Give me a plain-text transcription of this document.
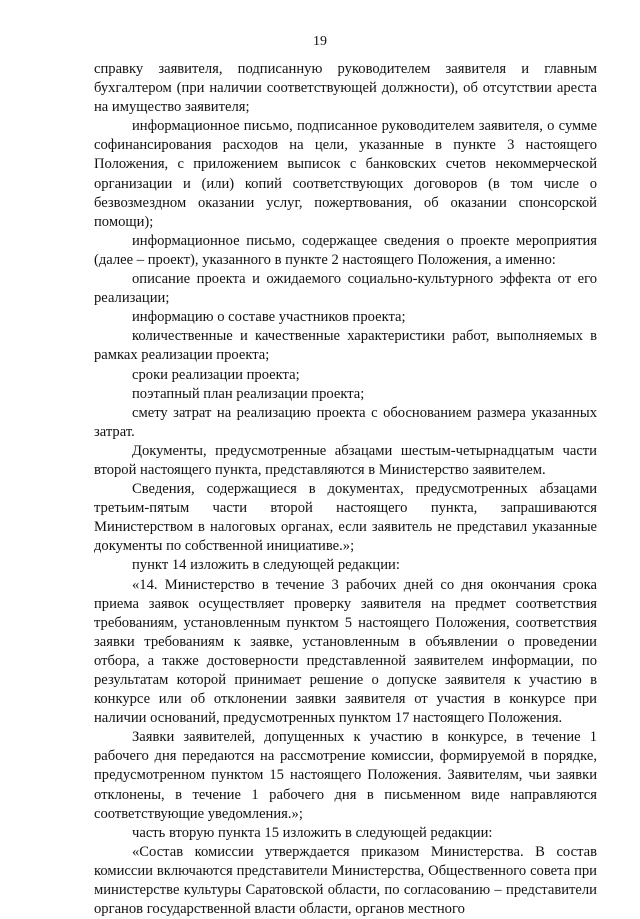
19

справку заявителя, подписанную руководителем заявителя и главным бухгалтером (при наличии соответствующей должности), об отсутствии ареста на имущество заявителя;

информационное письмо, подписанное руководителем заявителя, о сумме софинансирования расходов на цели, указанные в пункте 3 настоящего Положения, с приложением выписок с банковских счетов некоммерческой организации и (или) копий соответствующих договоров (в том числе о безвозмездном оказании услуг, пожертвования, об оказании спонсорской помощи);

информационное письмо, содержащее сведения о проекте мероприятия (далее – проект), указанного в пункте 2 настоящего Положения, а именно:

описание проекта и ожидаемого социально-культурного эффекта от его реализации;

информацию о составе участников проекта;

количественные и качественные характеристики работ, выполняемых в рамках реализации проекта;

сроки реализации проекта;

поэтапный план реализации проекта;

смету затрат на реализацию проекта с обоснованием размера указанных затрат.

Документы, предусмотренные абзацами шестым-четырнадцатым части второй настоящего пункта, представляются в Министерство заявителем.

Сведения, содержащиеся в документах, предусмотренных абзацами третьим-пятым части второй настоящего пункта, запрашиваются Министерством в налоговых органах, если заявитель не представил указанные документы по собственной инициативе.»;

пункт 14 изложить в следующей редакции:

«14. Министерство в течение 3 рабочих дней со дня окончания срока приема заявок осуществляет проверку заявителя на предмет соответствия требованиям, установленным пунктом 5 настоящего Положения, соответствия заявки требованиям к заявке, установленным в объявлении о проведении отбора, а также достоверности представленной заявителем информации, по результатам которой принимает решение о допуске заявителя к участию в конкурсе или об отклонении заявки заявителя от участия в конкурсе при наличии оснований, предусмотренных пунктом 17 настоящего Положения.

Заявки заявителей, допущенных к участию в конкурсе, в течение 1 рабочего дня передаются на рассмотрение комиссии, формируемой в порядке, предусмотренном пунктом 15 настоящего Положения. Заявителям, чьи заявки отклонены, в течение 1 рабочего дня в письменном виде направляются соответствующие уведомления.»;

часть вторую пункта 15 изложить в следующей редакции:

«Состав комиссии утверждается приказом Министерства. В состав комиссии включаются представители Министерства, Общественного совета при министерстве культуры Саратовской области, по согласованию – представители органов государственной власти области, органов местного
